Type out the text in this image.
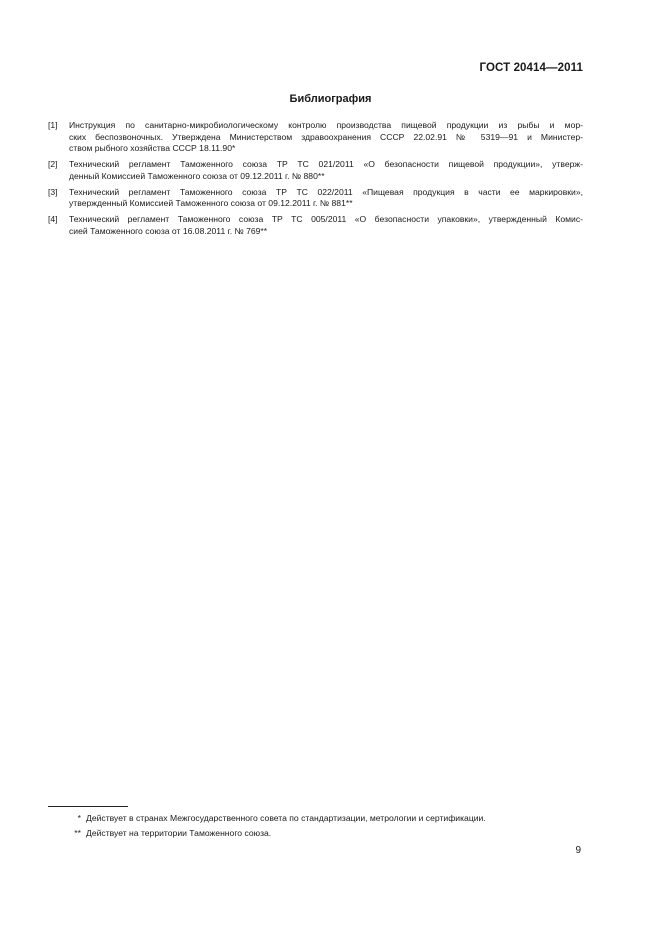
ГОСТ 20414—2011
Библиография
[1]	Инструкция по санитарно-микробиологическому контролю производства пищевой продукции из рыбы и мор-
ских беспозвоночных. Утверждена Министерством здравоохранения СССР 22.02.91 № 5319—91 и Министер-
ством рыбного хозяйства СССР 18.11.90*
[2]	Технический регламент Таможенного союза ТР ТС 021/2011 «О безопасности пищевой продукции», утверж-
денный Комиссией Таможенного союза от 09.12.2011 г. № 880**
[3]	Технический регламент Таможенного союза ТР ТС 022/2011 «Пищевая продукция в части ее маркировки»,
утвержденный Комиссией Таможенного союза от 09.12.2011 г. № 881**
[4]	Технический регламент Таможенного союза ТР ТС 005/2011 «О безопасности упаковки», утвержденный Комис-
сией Таможенного союза от 16.08.2011 г. № 769**
* Действует в странах Межгосударственного совета по стандартизации, метрологии и сертификации.
** Действует на территории Таможенного союза.
9
